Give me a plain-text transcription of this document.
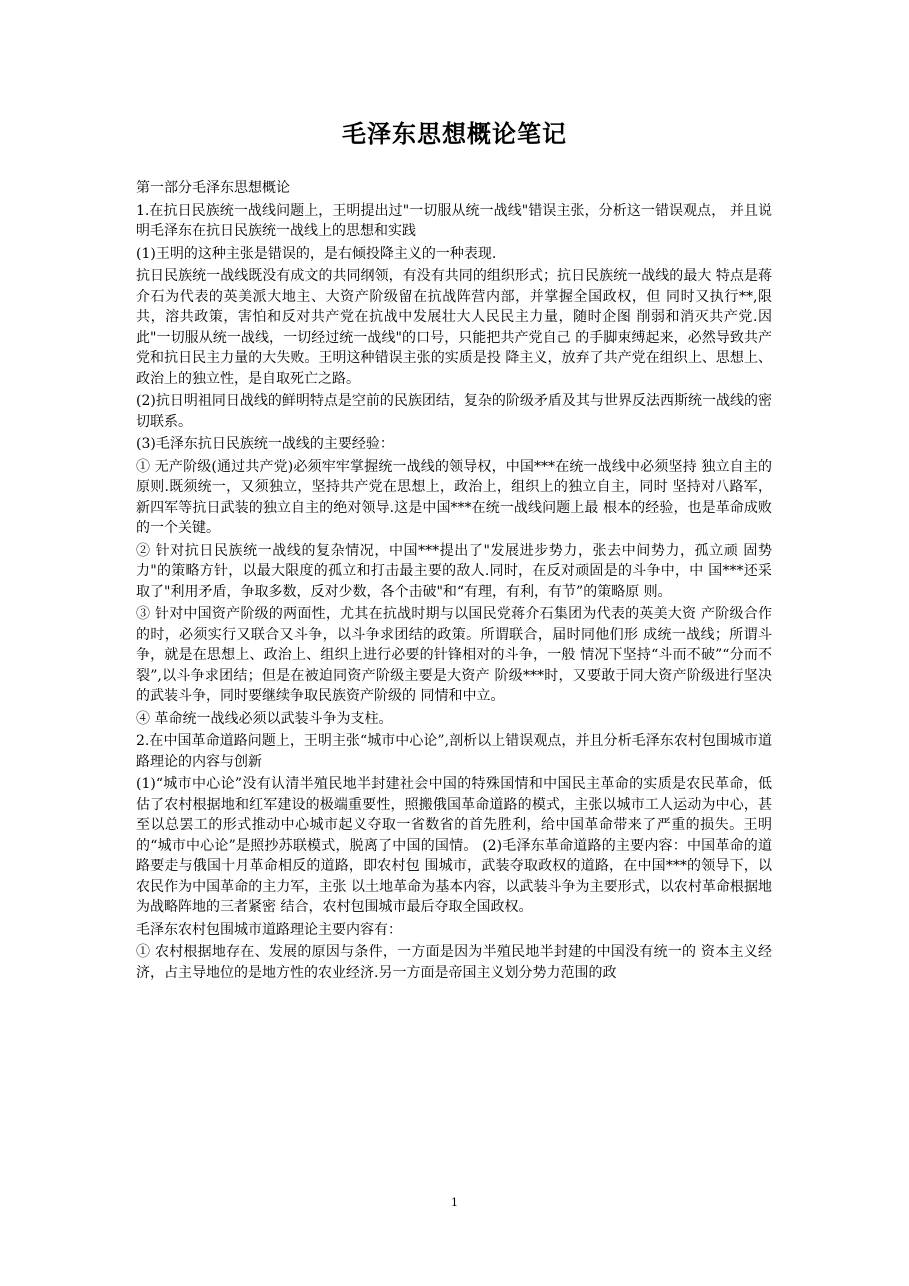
毛泽东思想概论笔记

第一部分毛泽东思想概论

1.在抗日民族统一战线问题上，王明提出过"一切服从统一战线"错误主张，分析这一错误观点， 并且说明毛泽东在抗日民族统一战线上的思想和实践

(1)王明的这种主张是错误的，是右倾投降主义的一种表现.

抗日民族统一战线既没有成文的共同纲领，有没有共同的组织形式；抗日民族统一战线的最大 特点是蒋介石为代表的英美派大地主、大资产阶级留在抗战阵营内部，并掌握全国政权，但 同时又执行**,限共，溶共政策，害怕和反对共产党在抗战中发展壮大人民民主力量，随时企图 削弱和消灭共产党.因此"一切服从统一战线，一切经过统一战线"的口号，只能把共产党自己 的手脚束缚起来，必然导致共产党和抗日民主力量的大失败。王明这种错误主张的实质是投 降主义，放弃了共产党在组织上、思想上、政治上的独立性，是自取死亡之路。

(2)抗日明祖同日战线的鲜明特点是空前的民族团结，复杂的阶级矛盾及其与世界反法西斯统一战线的密切联系。

(3)毛泽东抗日民族统一战线的主要经验：

① 无产阶级(通过共产党)必须牢牢掌握统一战线的领导权，中国***在统一战线中必须坚持 独立自主的原则.既须统一，又须独立，坚持共产党在思想上，政治上，组织上的独立自主，同时 坚持对八路军，新四军等抗日武装的独立自主的绝对领导.这是中国***在统一战线问题上最 根本的经验，也是革命成败的一个关键。

② 针对抗日民族统一战线的复杂情况，中国***提出了"发展进步势力，张去中间势力，孤立顽 固势力"的策略方针，以最大限度的孤立和打击最主要的敌人.同时，在反对顽固是的斗争中，中 国***还采取了"利用矛盾，争取多数，反对少数，各个击破"和“有理，有利，有节”的策略原 则。

③ 针对中国资产阶级的两面性，尤其在抗战时期与以国民党蒋介石集团为代表的英美大资 产阶级合作的时，必须实行又联合又斗争，以斗争求团结的政策。所谓联合，届时同他们形 成统一战线；所谓斗争，就是在思想上、政治上、组织上进行必要的针锋相对的斗争，一般 情况下坚持“斗而不破”“分而不裂”,以斗争求团结；但是在被迫同资产阶级主要是大资产 阶级***时，又要敢于同大资产阶级进行坚决的武装斗争，同时要继续争取民族资产阶级的 同情和中立。

④ 革命统一战线必须以武装斗争为支柱。

2.在中国革命道路问题上，王明主张“城市中心论”,剖析以上错误观点，并且分析毛泽东农村包围城市道路理论的内容与创新

(1)“城市中心论”没有认清半殖民地半封建社会中国的特殊国情和中国民主革命的实质是农民革命，低估了农村根据地和红军建设的极端重要性，照搬俄国革命道路的模式，主张以城市工人运动为中心，甚至以总罢工的形式推动中心城市起义夺取一省数省的首先胜利，给中国革命带来了严重的损失。王明的“城市中心论”是照抄苏联模式，脱离了中国的国情。 (2)毛泽东革命道路的主要内容：中国革命的道路要走与俄国十月革命相反的道路，即农村包 围城市，武装夺取政权的道路，在中国***的领导下，以农民作为中国革命的主力军，主张 以土地革命为基本内容，以武装斗争为主要形式，以农村革命根据地为战略阵地的三者紧密 结合，农村包围城市最后夺取全国政权。

毛泽东农村包围城市道路理论主要内容有：

① 农村根据地存在、发展的原因与条件，一方面是因为半殖民地半封建的中国没有统一的 资本主义经济，占主导地位的是地方性的农业经济.另一方面是帝国主义划分势力范围的政

1
